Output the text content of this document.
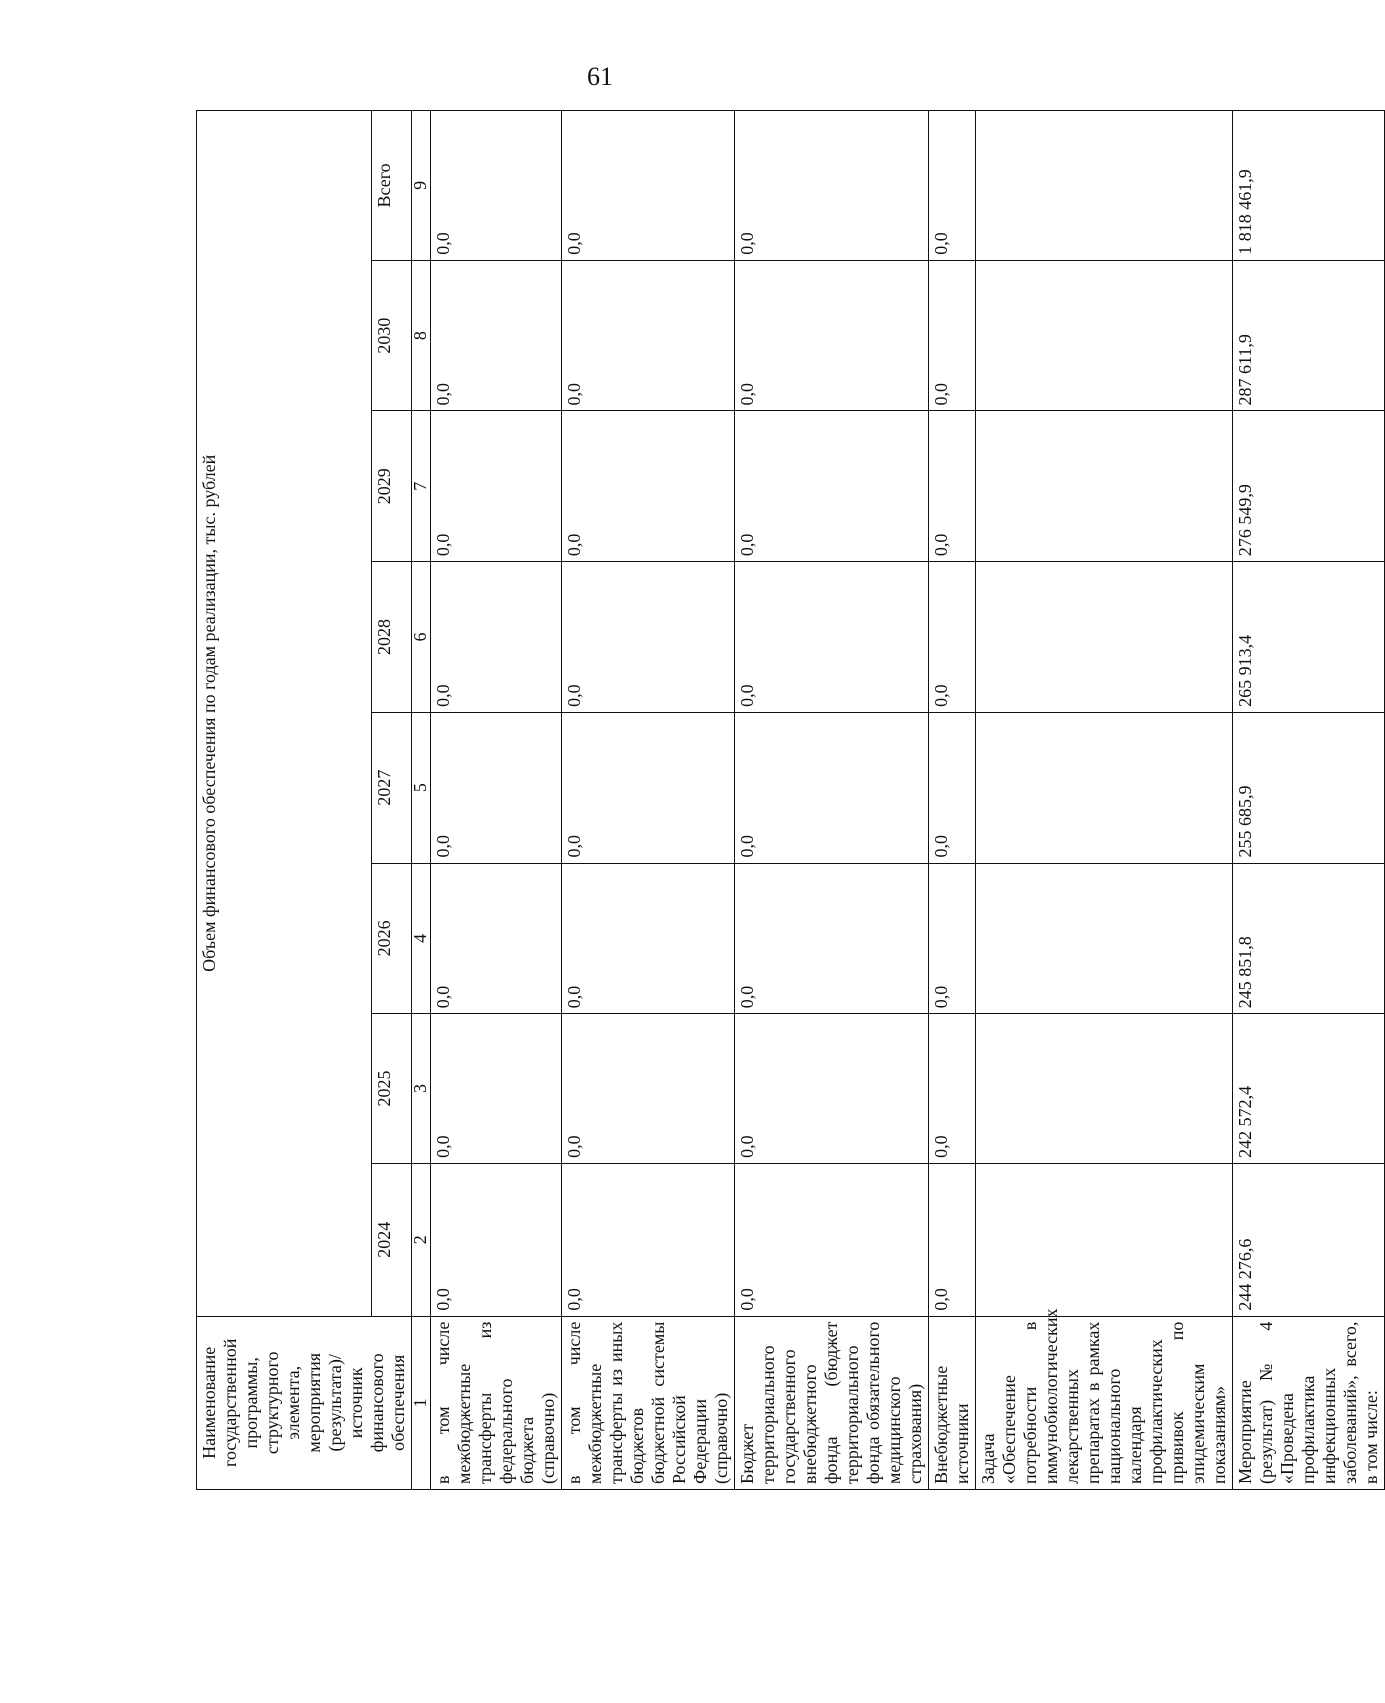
61
Наименование государственной программы, структурного элемента, мероприятия (результата)/источник финансового обеспечения	Объем финансового обеспечения по годам реализации, тыс. рублей							
	2024	2025	2026	2027	2028	2029	2030	Всего
1	2	3	4	5	6	7	8	9
в том числе межбюджетные трансферты из федерального бюджета (справочно)	0,0	0,0	0,0	0,0	0,0	0,0	0,0	0,0
в том числе межбюджетные трансферты из иных бюджетов бюджетной системы Российской Федерации (справочно)	0,0	0,0	0,0	0,0	0,0	0,0	0,0	0,0
Бюджет территориального государственного внебюджетного фонда (бюджет территориального фонда обязательного медицинского страхования)	0,0	0,0	0,0	0,0	0,0	0,0	0,0	0,0
Внебюджетные источники	0,0	0,0	0,0	0,0	0,0	0,0	0,0	0,0
Задача «Обеспечение потребности в иммунобиологических лекарственных препаратах в рамках национального календаря профилактических прививок по эпидемическим показаниям»								
Мероприятие (результат) № 4 «Проведена профилактика инфекционных заболеваний», всего, в том числе:	244 276,6	242 572,4	245 851,8	255 685,9	265 913,4	276 549,9	287 611,9	1 818 461,9
